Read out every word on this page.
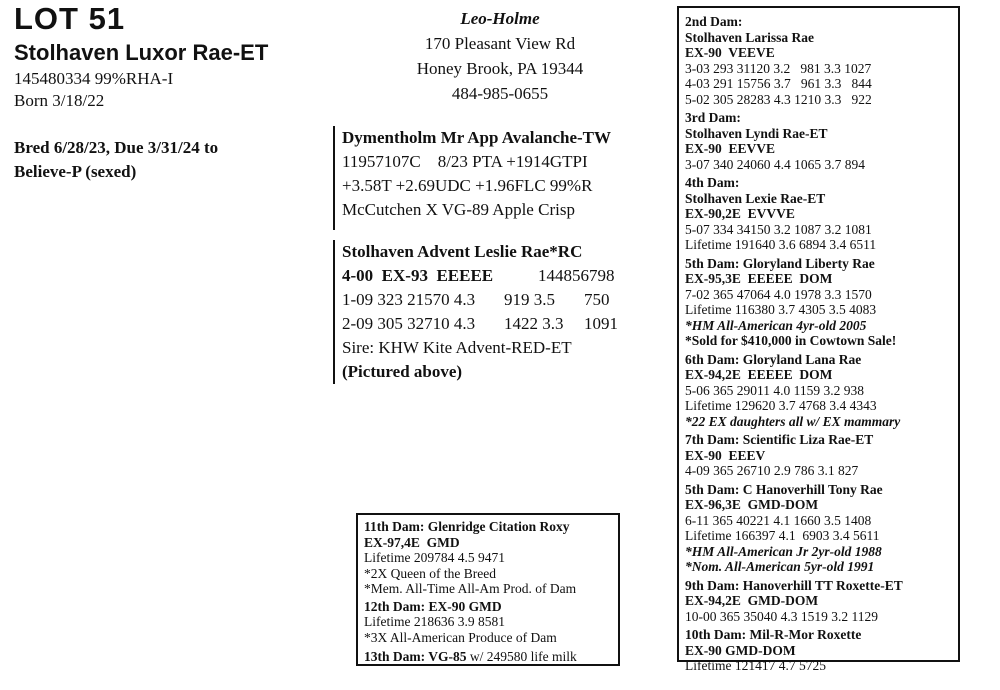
LOT 51
Stolhaven Luxor Rae-ET
145480334 99%RHA-I
Born 3/18/22
Bred 6/28/23, Due 3/31/24 to
Believe-P (sexed)
Leo-Holme
170 Pleasant View Rd
Honey Brook, PA 19344
484-985-0655
Dymentholm Mr App Avalanche-TW
11957107C    8/23 PTA +1914GTPI
+3.58T +2.69UDC +1.96FLC 99%R
McCutchen X VG-89 Apple Crisp
Stolhaven Advent Leslie Rae*RC
4-00  EX-93  EEEEE	144856798
1-09 323 21570 4.3 919 3.5 750
2-09 305 32710 4.3 1422 3.3 1091
Sire: KHW Kite Advent-RED-ET
(Pictured above)
2nd Dam:
Stolhaven Larissa Rae
EX-90  VEEVE
3-03 293 31120 3.2   981 3.3 1027
4-03 291 15756 3.7   961 3.3   844
5-02 305 28283 4.3 1210 3.3   922
3rd Dam:
Stolhaven Lyndi Rae-ET
EX-90  EEVVE
3-07 340 24060 4.4 1065 3.7 894
4th Dam:
Stolhaven Lexie Rae-ET
EX-90,2E  EVVVE
5-07 334 34150 3.2 1087 3.2 1081
Lifetime 191640 3.6 6894 3.4 6511
5th Dam: Gloryland Liberty Rae
EX-95,3E  EEEEE  DOM
7-02 365 47064 4.0 1978 3.3 1570
Lifetime 116380 3.7 4305 3.5 4083
*HM All-American 4yr-old 2005
*Sold for $410,000 in Cowtown Sale!
6th Dam: Gloryland Lana Rae
EX-94,2E  EEEEE  DOM
5-06 365 29011 4.0 1159 3.2 938
Lifetime 129620 3.7 4768 3.4 4343
*22 EX daughters all w/ EX mammary
7th Dam: Scientific Liza Rae-ET
EX-90  EEEV
4-09 365 26710 2.9 786 3.1 827
5th Dam: C Hanoverhill Tony Rae
EX-96,3E  GMD-DOM
6-11 365 40221 4.1 1660 3.5 1408
Lifetime 166397 4.1  6903 3.4 5611
*HM All-American Jr 2yr-old 1988
*Nom. All-American 5yr-old 1991
9th Dam: Hanoverhill TT Roxette-ET
EX-94,2E  GMD-DOM
10-00 365 35040 4.3 1519 3.2 1129
10th Dam: Mil-R-Mor Roxette
EX-90 GMD-DOM
Lifetime 121417 4.7 5725
11th Dam: Glenridge Citation Roxy
EX-97,4E  GMD
Lifetime 209784 4.5 9471
*2X Queen of the Breed
*Mem. All-Time All-Am Prod. of Dam
12th Dam: EX-90 GMD
Lifetime 218636 3.9 8581
*3X All-American Produce of Dam
13th Dam: VG-85 w/ 249580 life milk
